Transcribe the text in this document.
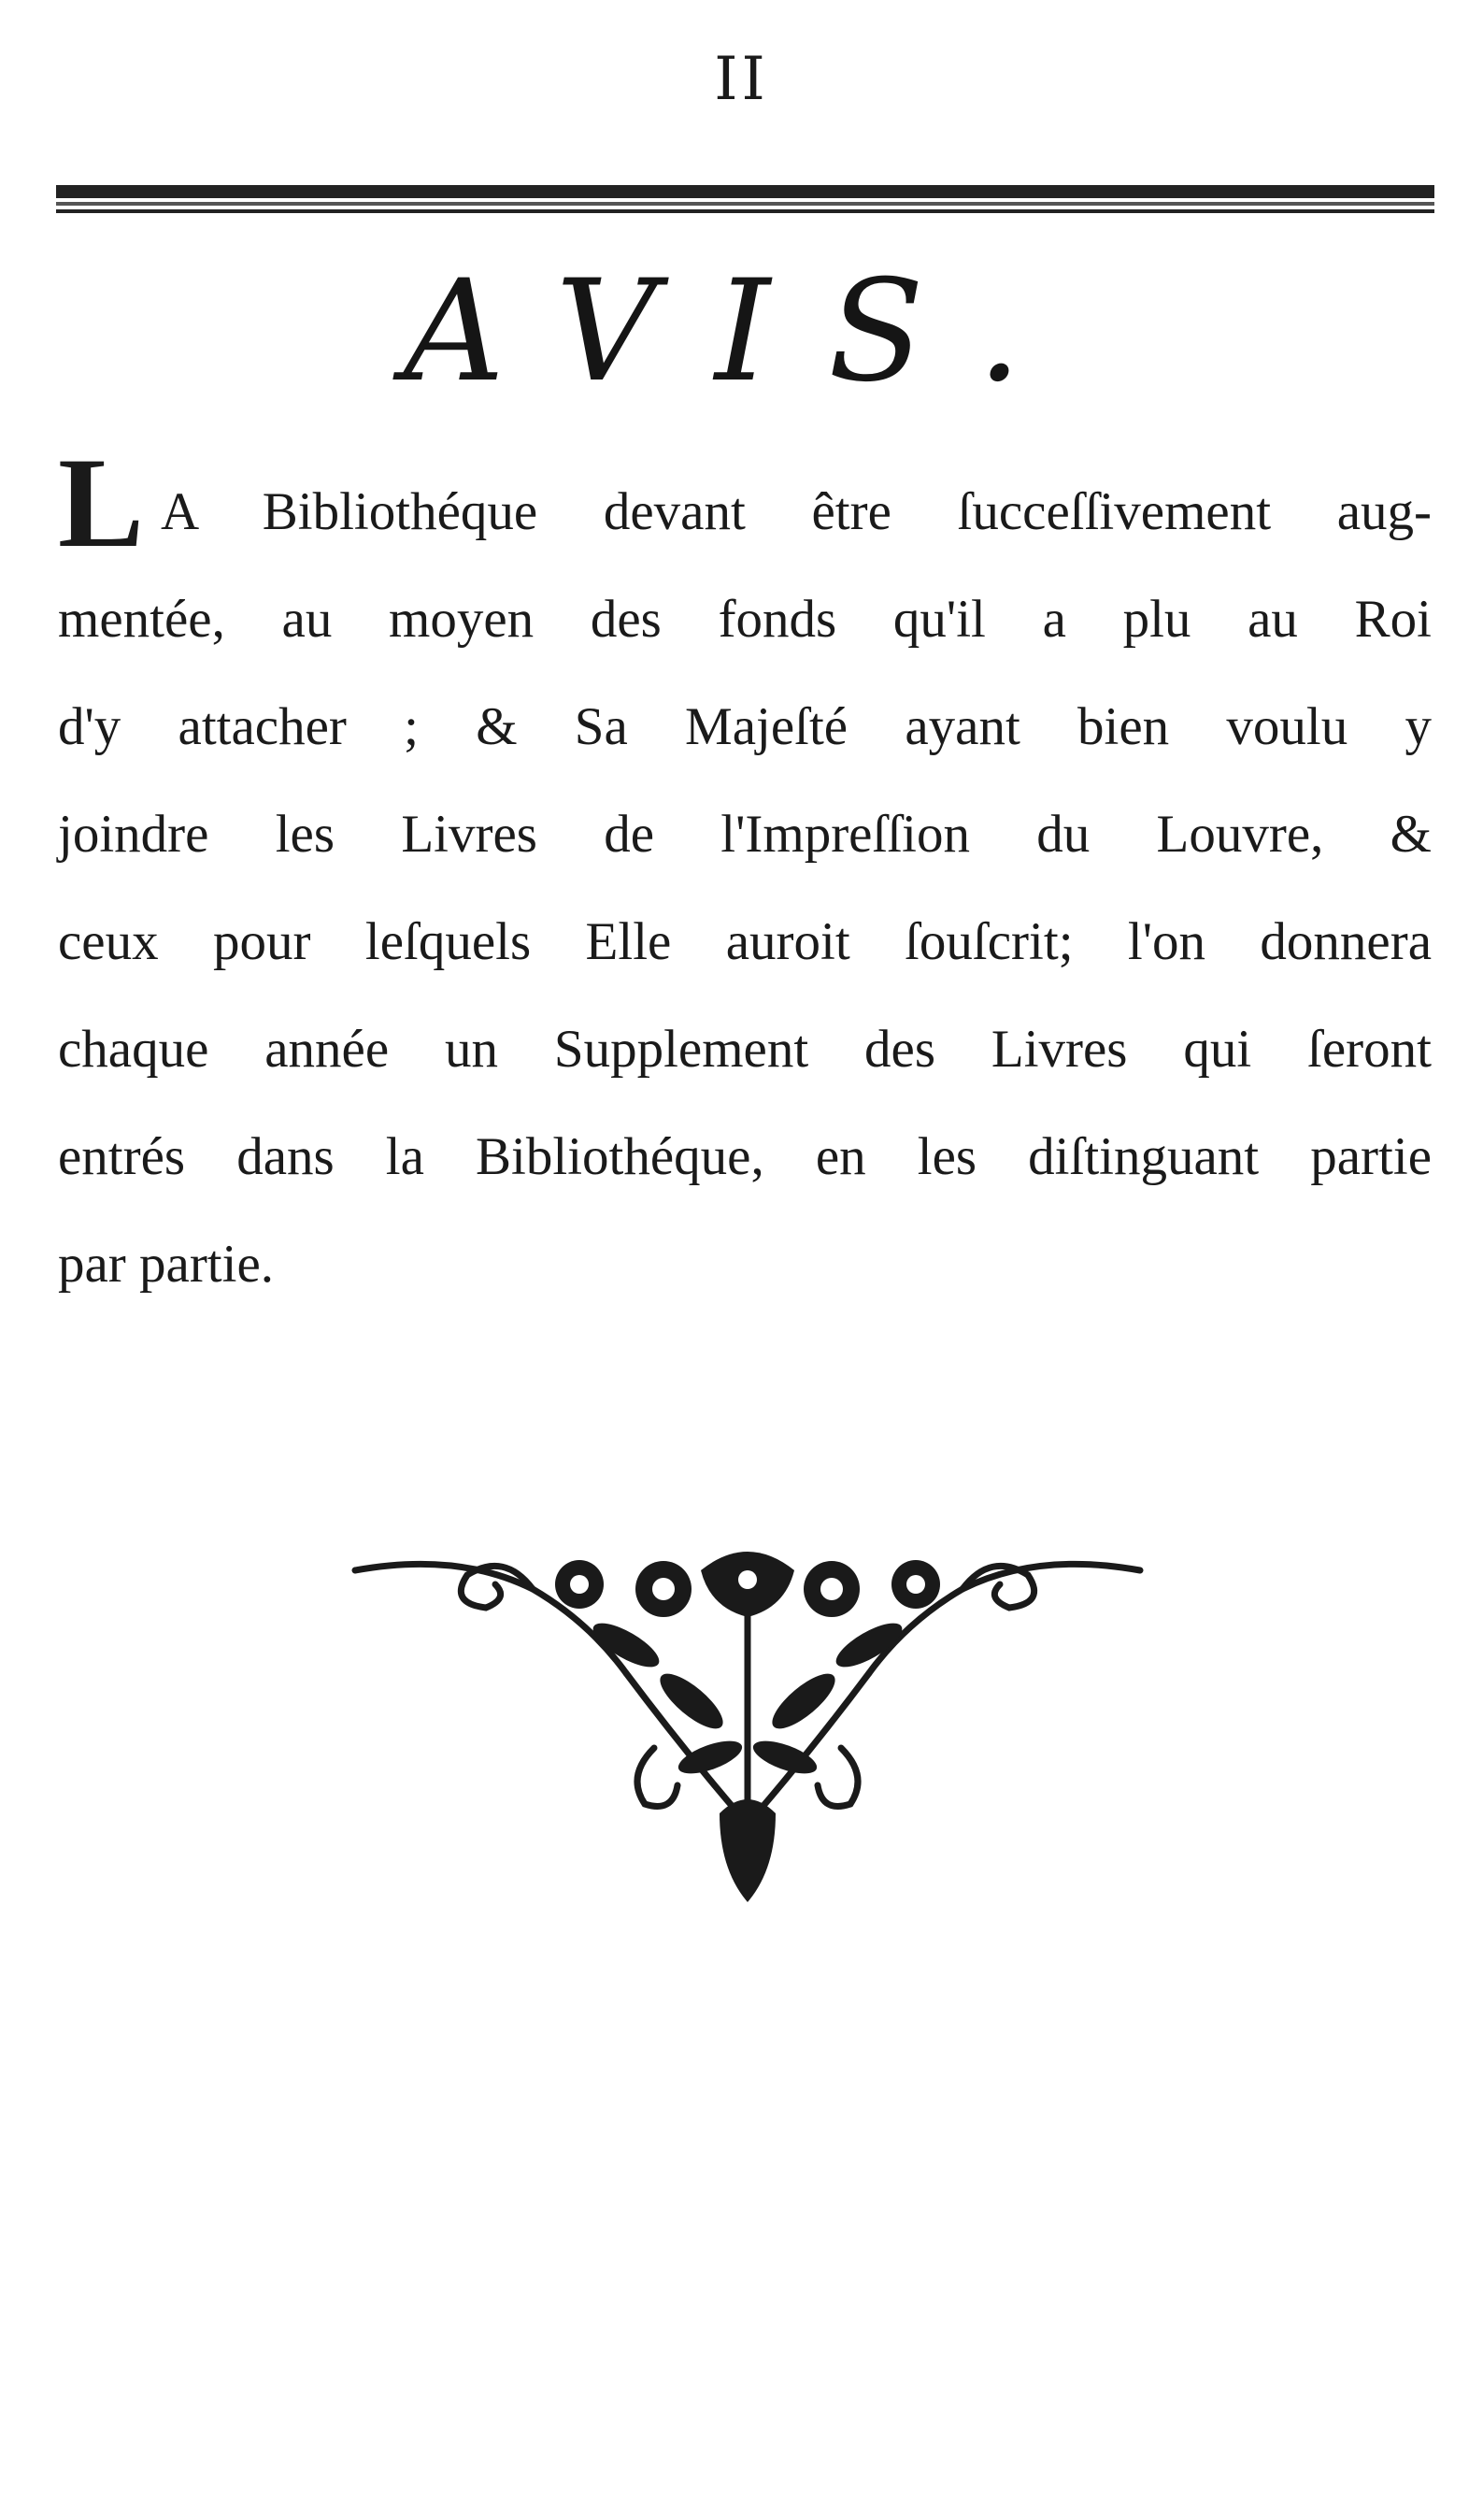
II
AVIS.
L A Bibliothéque devant être ſucceſſivement aug-
mentée, au moyen des fonds qu'il a plu au Roi
d'y attacher ; & Sa Majeſté ayant bien voulu y
joindre les Livres de l'Impreſſion du Louvre, &
ceux pour leſquels Elle auroit ſouſcrit; l'on donnera
chaque année un Supplement des Livres qui ſeront
entrés dans la Bibliothéque, en les diſtinguant partie
par partie.
